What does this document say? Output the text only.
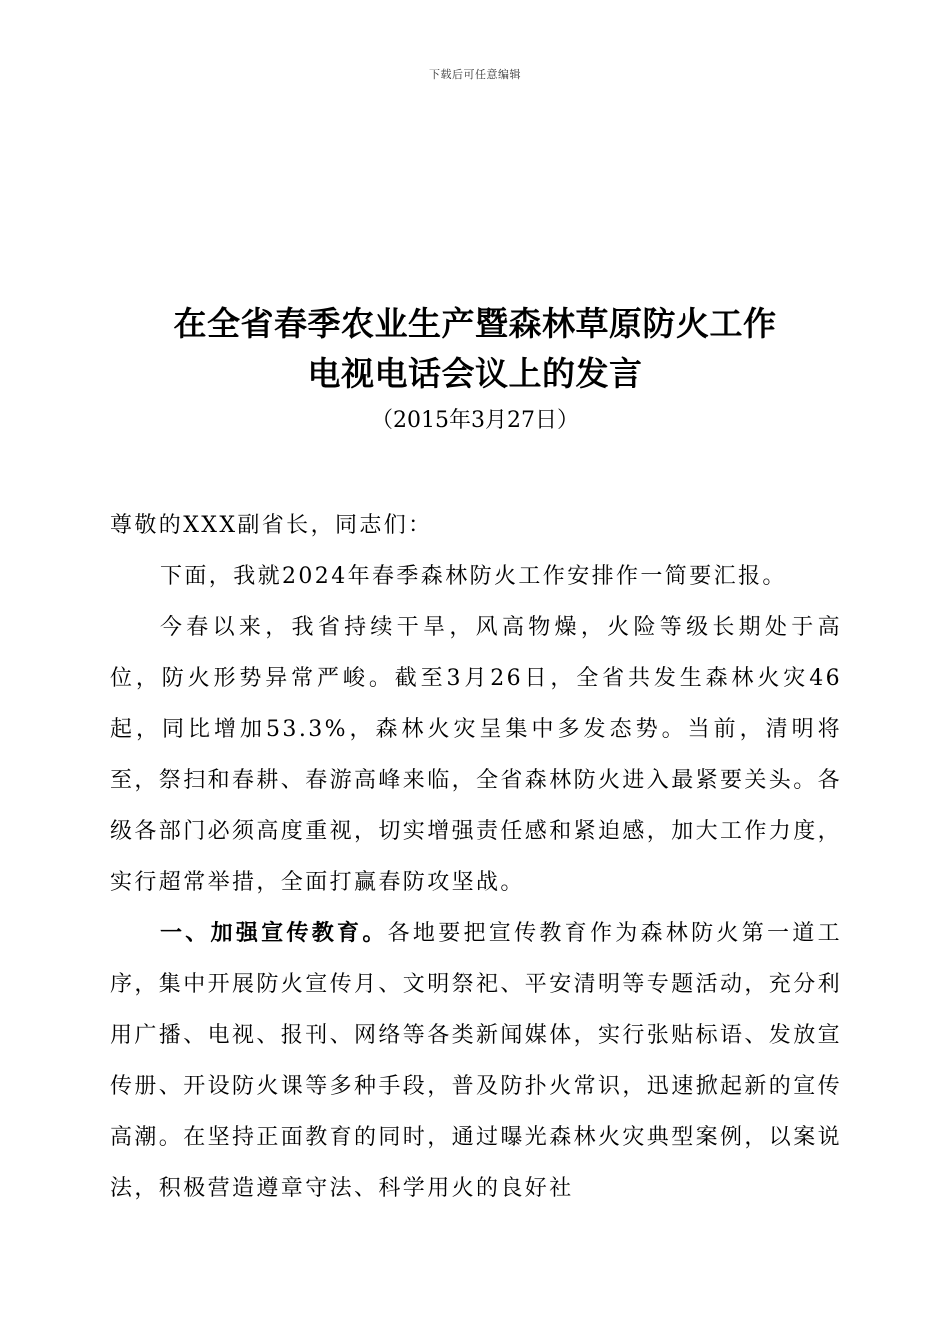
下载后可任意编辑
在全省春季农业生产暨森林草原防火工作
电视电话会议上的发言
（2015年3月27日）

尊敬的XXX副省长，同志们：

下面，我就2024年春季森林防火工作安排作一简要汇报。

今春以来，我省持续干旱，风高物燥，火险等级长期处于高位，防火形势异常严峻。截至3月26日，全省共发生森林火灾46起，同比增加53.3%，森林火灾呈集中多发态势。当前，清明将至，祭扫和春耕、春游高峰来临，全省森林防火进入最紧要关头。各级各部门必须高度重视，切实增强责任感和紧迫感，加大工作力度，实行超常举措，全面打赢春防攻坚战。

一、加强宣传教育。各地要把宣传教育作为森林防火第一道工序，集中开展防火宣传月、文明祭祀、平安清明等专题活动，充分利用广播、电视、报刊、网络等各类新闻媒体，实行张贴标语、发放宣传册、开设防火课等多种手段，普及防扑火常识，迅速掀起新的宣传高潮。在坚持正面教育的同时，通过曝光森林火灾典型案例，以案说法，积极营造遵章守法、科学用火的良好社
